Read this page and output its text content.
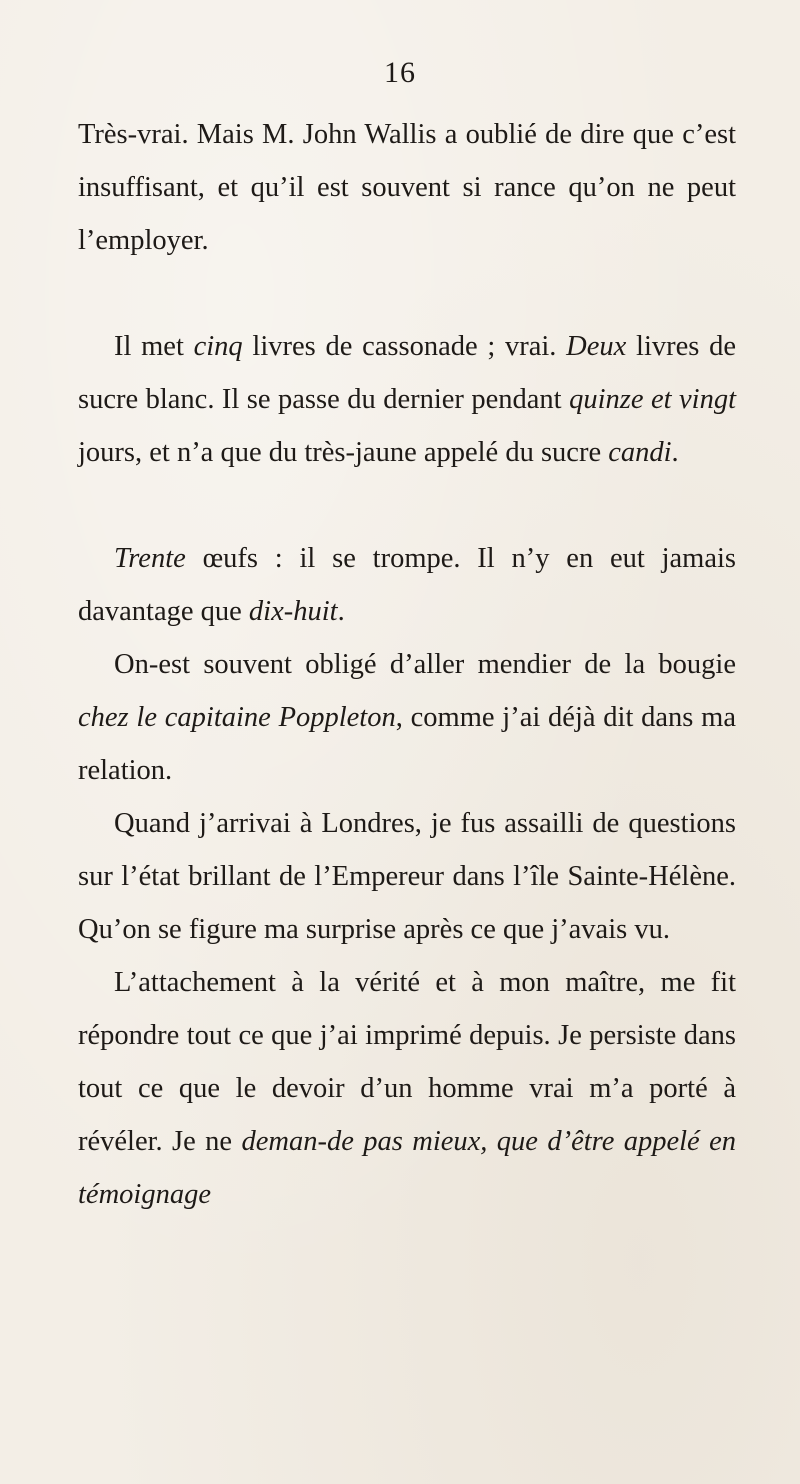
16

Très-vrai. Mais M. John Wallis a oublié de dire que c’est insuffisant, et qu’il est souvent si rance qu’on ne peut l’employer.

Il met cinq livres de cassonade ; vrai. Deux livres de sucre blanc. Il se passe du dernier pendant quinze et vingt jours, et n’a que du très-jaune appelé du sucre candi.

Trente œufs : il se trompe. Il n’y en eut jamais davantage que dix-huit.

On-est souvent obligé d’aller mendier de la bougie chez le capitaine Poppleton, comme j’ai déjà dit dans ma relation.

Quand j’arrivai à Londres, je fus assailli de questions sur l’état brillant de l’Empereur dans l’île Sainte-Hélène. Qu’on se figure ma surprise après ce que j’avais vu.

L’attachement à la vérité et à mon maître, me fit répondre tout ce que j’ai imprimé depuis. Je persiste dans tout ce que le devoir d’un homme vrai m’a porté à révéler. Je ne deman-de pas mieux, que d’être appelé en témoignage
